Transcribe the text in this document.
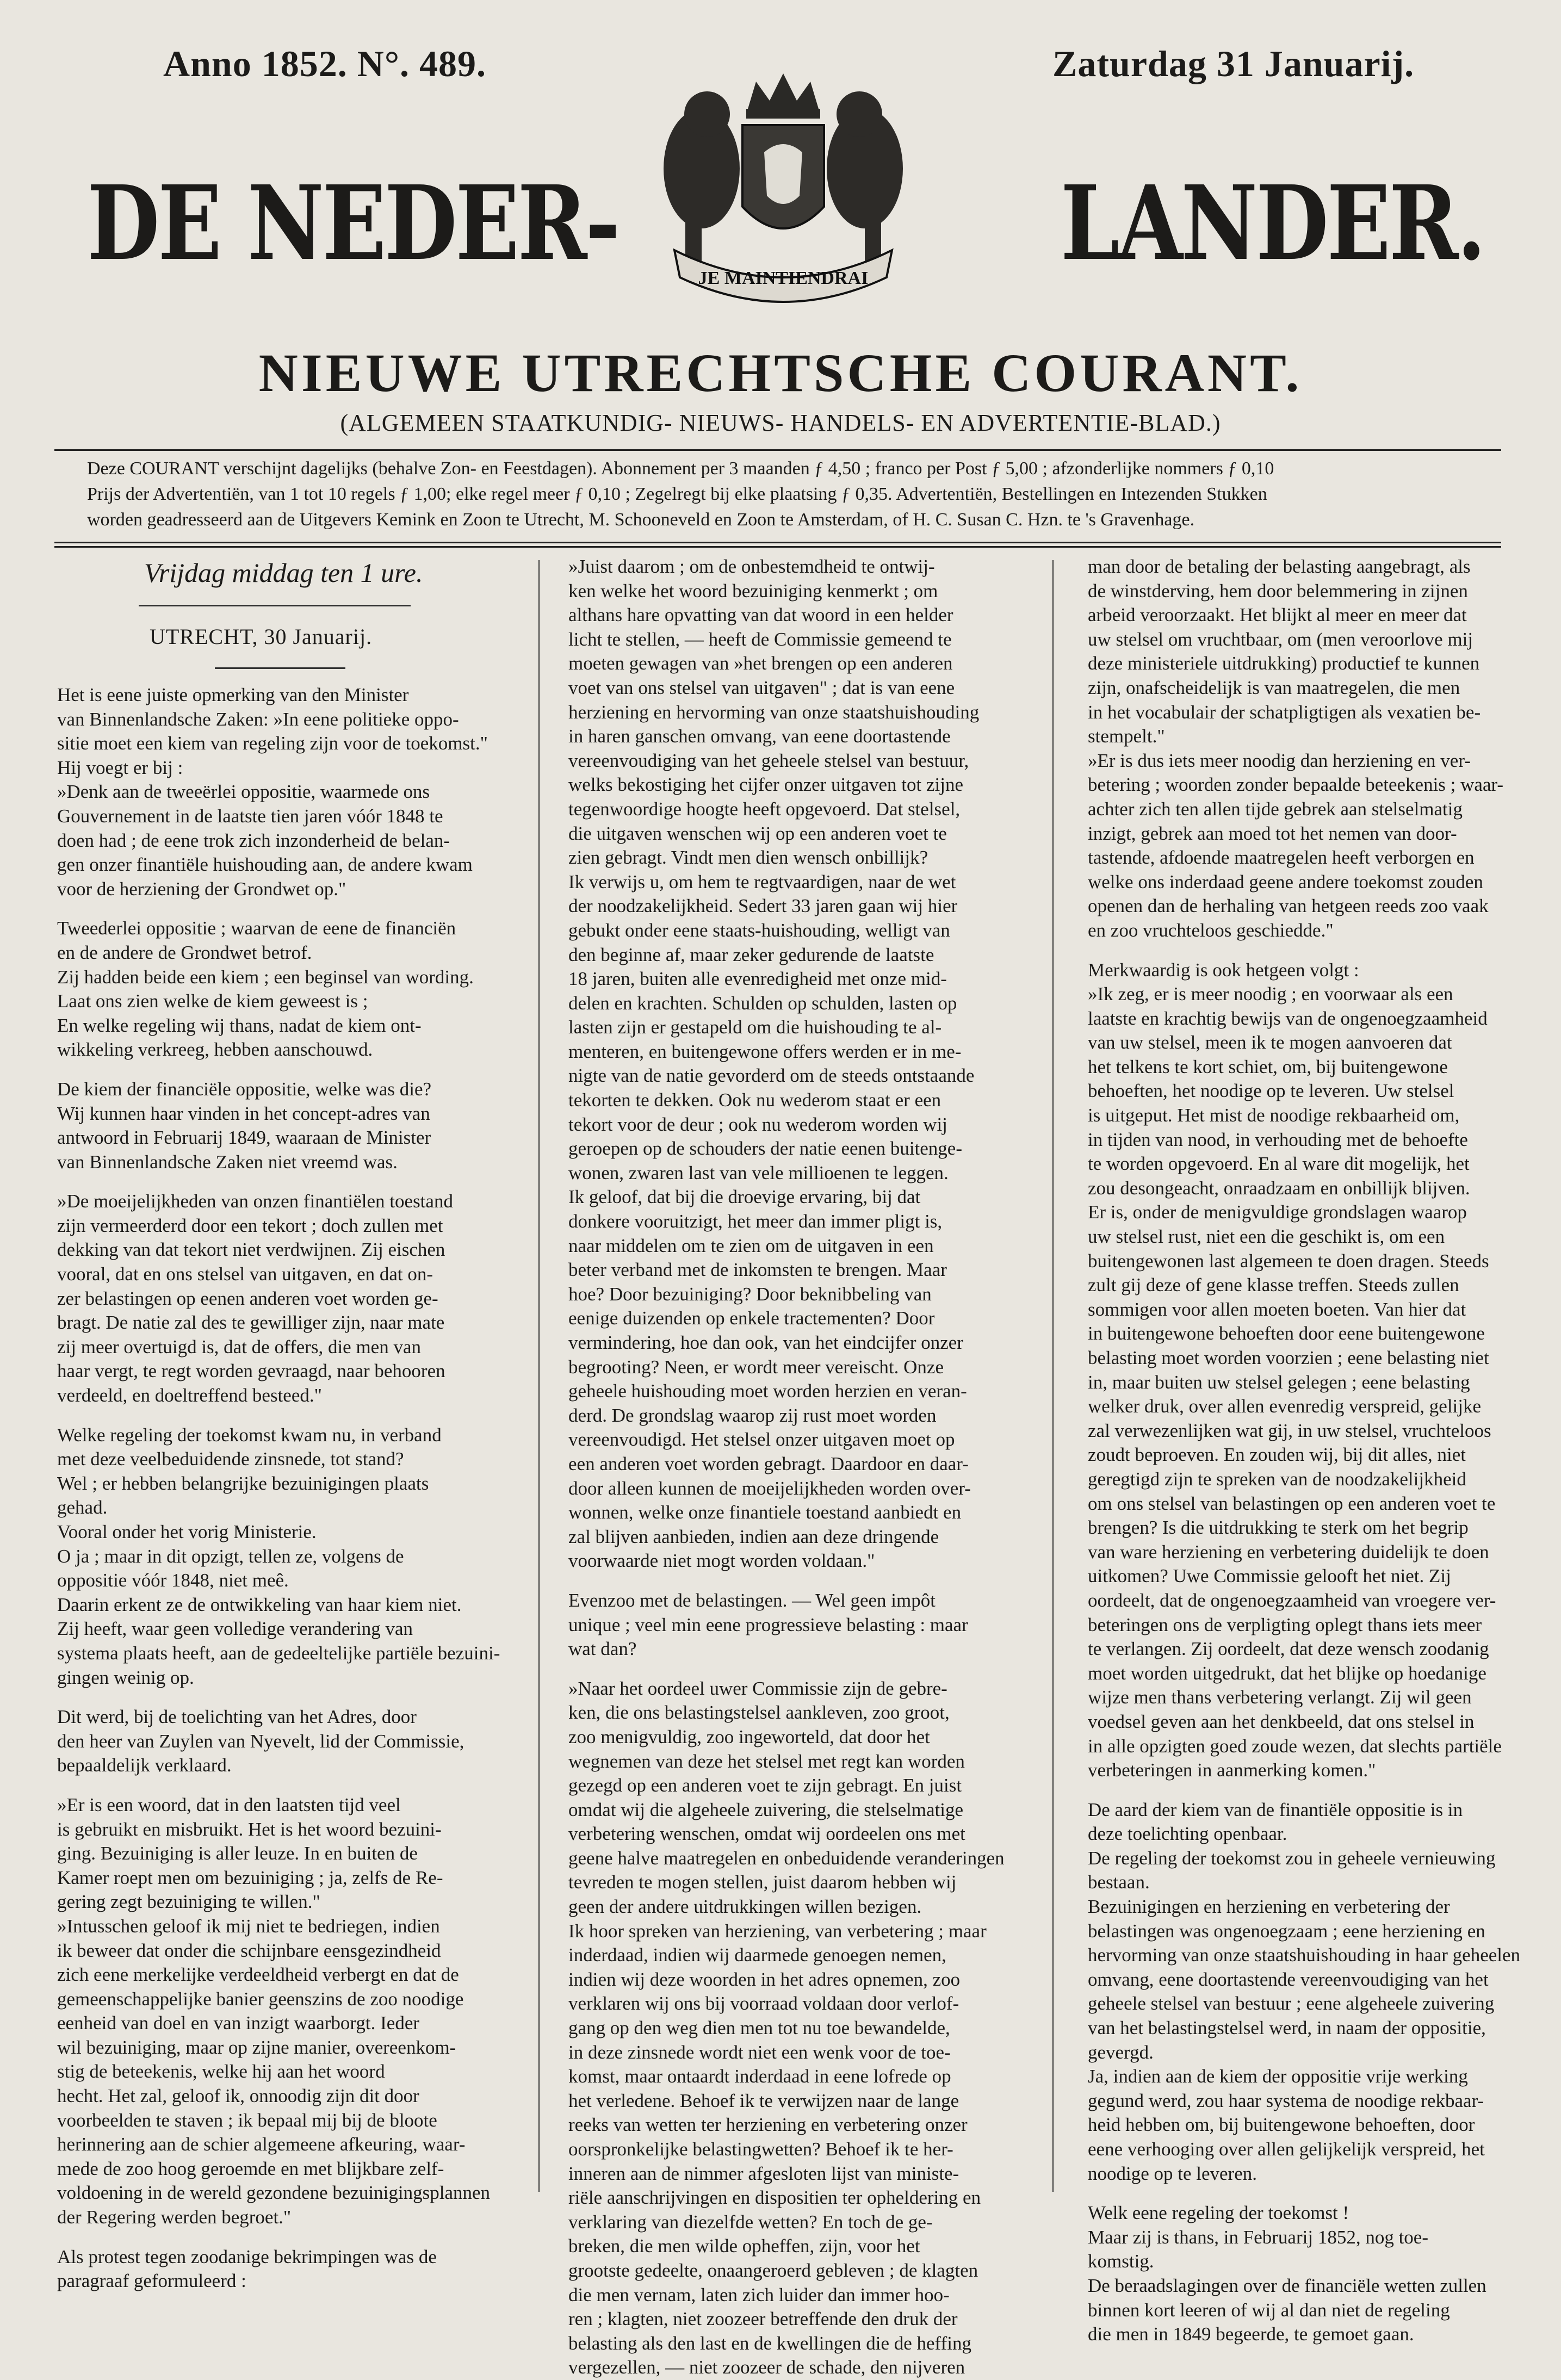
Anno 1852. N°. 489.	Zaturdag 31 Januarij.
DE NEDER-	LANDER.
JE MAINTIENDRAI
NIEUWE UTRECHTSCHE COURANT.
(ALGEMEEN STAATKUNDIG- NIEUWS- HANDELS- EN ADVERTENTIE-BLAD.)
Deze COURANT verschijnt dagelijks (behalve Zon- en Feestdagen). Abonnement per 3 maanden ƒ 4,50 ; franco per Post ƒ 5,00 ; afzonderlijke nommers ƒ 0,10
Prijs der Advertentiën, van 1 tot 10 regels ƒ 1,00; elke regel meer ƒ 0,10 ; Zegelregt bij elke plaatsing ƒ 0,35. Advertentiën, Bestellingen en Intezenden Stukken
worden geadresseerd aan de Uitgevers Kemink en Zoon te Utrecht, M. Schooneveld en Zoon te Amsterdam, of H. C. Susan C. Hzn. te 's Gravenhage.

Vrijdag middag ten 1 ure.

UTRECHT, 30 Januarij.

Het is eene juiste opmerking van den Minister

van Binnenlandsche Zaken: »In eene politieke oppo-

sitie moet een kiem van regeling zijn voor de toekomst."

Hij voegt er bij :

»Denk aan de tweeërlei oppositie, waarmede ons

Gouvernement in de laatste tien jaren vóór 1848 te

doen had ; de eene trok zich inzonderheid de belan-

gen onzer finantiële huishouding aan, de andere kwam

voor de herziening der Grondwet op."

Tweederlei oppositie ; waarvan de eene de financiën

en de andere de Grondwet betrof.

Zij hadden beide een kiem ; een beginsel van wording.

Laat ons zien welke de kiem geweest is ;

En welke regeling wij thans, nadat de kiem ont-

wikkeling verkreeg, hebben aanschouwd.

De kiem der financiële oppositie, welke was die?

Wij kunnen haar vinden in het concept-adres van

antwoord in Februarij 1849, waaraan de Minister

van Binnenlandsche Zaken niet vreemd was.

»De moeijelijkheden van onzen finantiëlen toestand

zijn vermeerderd door een tekort ; doch zullen met

dekking van dat tekort niet verdwijnen. Zij eischen

vooral, dat en ons stelsel van uitgaven, en dat on-

zer belastingen op eenen anderen voet worden ge-

bragt. De natie zal des te gewilliger zijn, naar mate

zij meer overtuigd is, dat de offers, die men van

haar vergt, te regt worden gevraagd, naar behooren

verdeeld, en doeltreffend besteed."

Welke regeling der toekomst kwam nu, in verband

met deze veelbeduidende zinsnede, tot stand?

Wel ; er hebben belangrijke bezuinigingen plaats

gehad.

Vooral onder het vorig Ministerie.

O ja ; maar in dit opzigt, tellen ze, volgens de

oppositie vóór 1848, niet meê.

Daarin erkent ze de ontwikkeling van haar kiem niet.

Zij heeft, waar geen volledige verandering van

systema plaats heeft, aan de gedeeltelijke partiële bezuini-

gingen weinig op.

Dit werd, bij de toelichting van het Adres, door

den heer van Zuylen van Nyevelt, lid der Commissie,

bepaaldelijk verklaard.

»Er is een woord, dat in den laatsten tijd veel

is gebruikt en misbruikt. Het is het woord bezuini-

ging. Bezuiniging is aller leuze. In en buiten de

Kamer roept men om bezuiniging ; ja, zelfs de Re-

gering zegt bezuiniging te willen."

»Intusschen geloof ik mij niet te bedriegen, indien

ik beweer dat onder die schijnbare eensgezindheid

zich eene merkelijke verdeeldheid verbergt en dat de

gemeenschappelijke banier geenszins de zoo noodige

eenheid van doel en van inzigt waarborgt. Ieder

wil bezuiniging, maar op zijne manier, overeenkom-

stig de beteekenis, welke hij aan het woord

hecht. Het zal, geloof ik, onnoodig zijn dit door

voorbeelden te staven ; ik bepaal mij bij de bloote

herinnering aan de schier algemeene afkeuring, waar-

mede de zoo hoog geroemde en met blijkbare zelf-

voldoening in de wereld gezondene bezuinigingsplannen

der Regering werden begroet."

Als protest tegen zoodanige bekrimpingen was de

paragraaf geformuleerd :

»Juist daarom ; om de onbestemdheid te ontwij-

ken welke het woord bezuiniging kenmerkt ; om

althans hare opvatting van dat woord in een helder

licht te stellen, — heeft de Commissie gemeend te

moeten gewagen van »het brengen op een anderen

voet van ons stelsel van uitgaven" ; dat is van eene

herziening en hervorming van onze staatshuishouding

in haren ganschen omvang, van eene doortastende

vereenvoudiging van het geheele stelsel van bestuur,

welks bekostiging het cijfer onzer uitgaven tot zijne

tegenwoordige hoogte heeft opgevoerd. Dat stelsel,

die uitgaven wenschen wij op een anderen voet te

zien gebragt. Vindt men dien wensch onbillijk?

Ik verwijs u, om hem te regtvaardigen, naar de wet

der noodzakelijkheid. Sedert 33 jaren gaan wij hier

gebukt onder eene staats-huishouding, welligt van

den beginne af, maar zeker gedurende de laatste

18 jaren, buiten alle evenredigheid met onze mid-

delen en krachten. Schulden op schulden, lasten op

lasten zijn er gestapeld om die huishouding te al-

menteren, en buitengewone offers werden er in me-

nigte van de natie gevorderd om de steeds ontstaande

tekorten te dekken. Ook nu wederom staat er een

tekort voor de deur ; ook nu wederom worden wij

geroepen op de schouders der natie eenen buitenge-

wonen, zwaren last van vele millioenen te leggen.

Ik geloof, dat bij die droevige ervaring, bij dat

donkere vooruitzigt, het meer dan immer pligt is,

naar middelen om te zien om de uitgaven in een

beter verband met de inkomsten te brengen. Maar

hoe? Door bezuiniging? Door beknibbeling van

eenige duizenden op enkele tractementen? Door

vermindering, hoe dan ook, van het eindcijfer onzer

begrooting? Neen, er wordt meer vereischt. Onze

geheele huishouding moet worden herzien en veran-

derd. De grondslag waarop zij rust moet worden

vereenvoudigd. Het stelsel onzer uitgaven moet op

een anderen voet worden gebragt. Daardoor en daar-

door alleen kunnen de moeijelijkheden worden over-

wonnen, welke onze finantiele toestand aanbiedt en

zal blijven aanbieden, indien aan deze dringende

voorwaarde niet mogt worden voldaan."

Evenzoo met de belastingen. — Wel geen impôt

unique ; veel min eene progressieve belasting : maar

wat dan?

»Naar het oordeel uwer Commissie zijn de gebre-

ken, die ons belastingstelsel aankleven, zoo groot,

zoo menigvuldig, zoo ingeworteld, dat door het

wegnemen van deze het stelsel met regt kan worden

gezegd op een anderen voet te zijn gebragt. En juist

omdat wij die algeheele zuivering, die stelselmatige

verbetering wenschen, omdat wij oordeelen ons met

geene halve maatregelen en onbeduidende veranderingen

tevreden te mogen stellen, juist daarom hebben wij

geen der andere uitdrukkingen willen bezigen.

Ik hoor spreken van herziening, van verbetering ; maar

inderdaad, indien wij daarmede genoegen nemen,

indien wij deze woorden in het adres opnemen, zoo

verklaren wij ons bij voorraad voldaan door verlof-

gang op den weg dien men tot nu toe bewandelde,

in deze zinsnede wordt niet een wenk voor de toe-

komst, maar ontaardt inderdaad in eene lofrede op

het verledene. Behoef ik te verwijzen naar de lange

reeks van wetten ter herziening en verbetering onzer

oorspronkelijke belastingwetten? Behoef ik te her-

inneren aan de nimmer afgesloten lijst van ministe-

riële aanschrijvingen en dispositien ter opheldering en

verklaring van diezelfde wetten? En toch de ge-

breken, die men wilde opheffen, zijn, voor het

grootste gedeelte, onaangeroerd gebleven ; de klagten

die men vernam, laten zich luider dan immer hoo-

ren ; klagten, niet zoozeer betreffende den druk der

belasting als den last en de kwellingen die de heffing

vergezellen, — niet zoozeer de schade, den nijveren

man door de betaling der belasting aangebragt, als

de winstderving, hem door belemmering in zijnen

arbeid veroorzaakt. Het blijkt al meer en meer dat

uw stelsel om vruchtbaar, om (men veroorlove mij

deze ministeriele uitdrukking) productief te kunnen

zijn, onafscheidelijk is van maatregelen, die men

in het vocabulair der schatpligtigen als vexatien be-

stempelt."

»Er is dus iets meer noodig dan herziening en ver-

betering ; woorden zonder bepaalde beteekenis ; waar-

achter zich ten allen tijde gebrek aan stelselmatig

inzigt, gebrek aan moed tot het nemen van door-

tastende, afdoende maatregelen heeft verborgen en

welke ons inderdaad geene andere toekomst zouden

openen dan de herhaling van hetgeen reeds zoo vaak

en zoo vruchteloos geschiedde."

Merkwaardig is ook hetgeen volgt :

»Ik zeg, er is meer noodig ; en voorwaar als een

laatste en krachtig bewijs van de ongenoegzaamheid

van uw stelsel, meen ik te mogen aanvoeren dat

het telkens te kort schiet, om, bij buitengewone

behoeften, het noodige op te leveren. Uw stelsel

is uitgeput. Het mist de noodige rekbaarheid om,

in tijden van nood, in verhouding met de behoefte

te worden opgevoerd. En al ware dit mogelijk, het

zou desongeacht, onraadzaam en onbillijk blijven.

Er is, onder de menigvuldige grondslagen waarop

uw stelsel rust, niet een die geschikt is, om een

buitengewonen last algemeen te doen dragen. Steeds

zult gij deze of gene klasse treffen. Steeds zullen

sommigen voor allen moeten boeten. Van hier dat

in buitengewone behoeften door eene buitengewone

belasting moet worden voorzien ; eene belasting niet

in, maar buiten uw stelsel gelegen ; eene belasting

welker druk, over allen evenredig verspreid, gelijke

zal verwezenlijken wat gij, in uw stelsel, vruchteloos

zoudt beproeven. En zouden wij, bij dit alles, niet

geregtigd zijn te spreken van de noodzakelijkheid

om ons stelsel van belastingen op een anderen voet te

brengen? Is die uitdrukking te sterk om het begrip

van ware herziening en verbetering duidelijk te doen

uitkomen? Uwe Commissie gelooft het niet. Zij

oordeelt, dat de ongenoegzaamheid van vroegere ver-

beteringen ons de verpligting oplegt thans iets meer

te verlangen. Zij oordeelt, dat deze wensch zoodanig

moet worden uitgedrukt, dat het blijke op hoedanige

wijze men thans verbetering verlangt. Zij wil geen

voedsel geven aan het denkbeeld, dat ons stelsel in

in alle opzigten goed zoude wezen, dat slechts partiële

verbeteringen in aanmerking komen."

De aard der kiem van de finantiële oppositie is in

deze toelichting openbaar.

De regeling der toekomst zou in geheele vernieuwing

bestaan.

Bezuinigingen en herziening en verbetering der

belastingen was ongenoegzaam ; eene herziening en

hervorming van onze staatshuishouding in haar geheelen

omvang, eene doortastende vereenvoudiging van het

geheele stelsel van bestuur ; eene algeheele zuivering

van het belastingstelsel werd, in naam der oppositie,

gevergd.

Ja, indien aan de kiem der oppositie vrije werking

gegund werd, zou haar systema de noodige rekbaar-

heid hebben om, bij buitengewone behoeften, door

eene verhooging over allen gelijkelijk verspreid, het

noodige op te leveren.

Welk eene regeling der toekomst !

Maar zij is thans, in Februarij 1852, nog toe-

komstig.

De beraadslagingen over de financiële wetten zullen

binnen kort leeren of wij al dan niet de regeling

die men in 1849 begeerde, te gemoet gaan.
